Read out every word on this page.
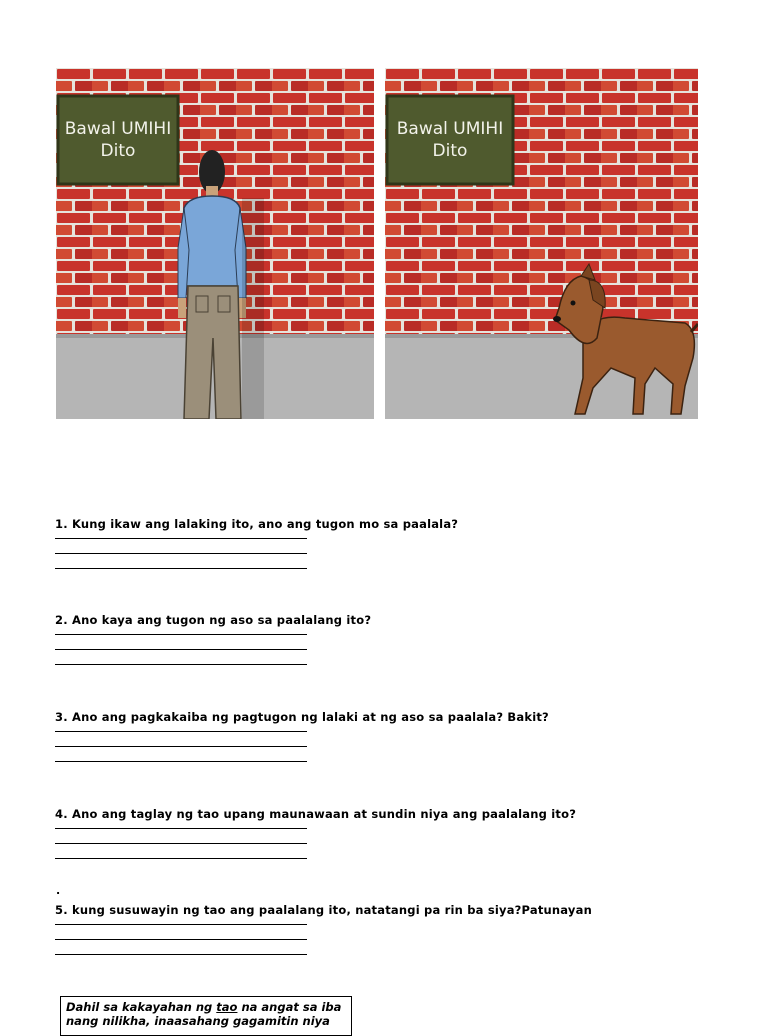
Bawal UMIHI
Dito
Bawal UMIHI
Dito

1. Kung ikaw ang lalaking ito, ano ang tugon mo sa paalala?

2. Ano kaya ang tugon ng aso sa paalalang ito?

3. Ano ang pagkakaiba ng pagtugon ng lalaki at ng aso sa paalala? Bakit?

4. Ano ang taglay ng tao upang maunawaan at sundin niya ang paalalang ito?

.

5. kung susuwayin ng tao ang paalalang ito, natatangi pa rin ba siya?Patunayan

Dahil sa kakayahan ng tao na angat sa iba
nang nilikha, inaasahang gagamitin niya
